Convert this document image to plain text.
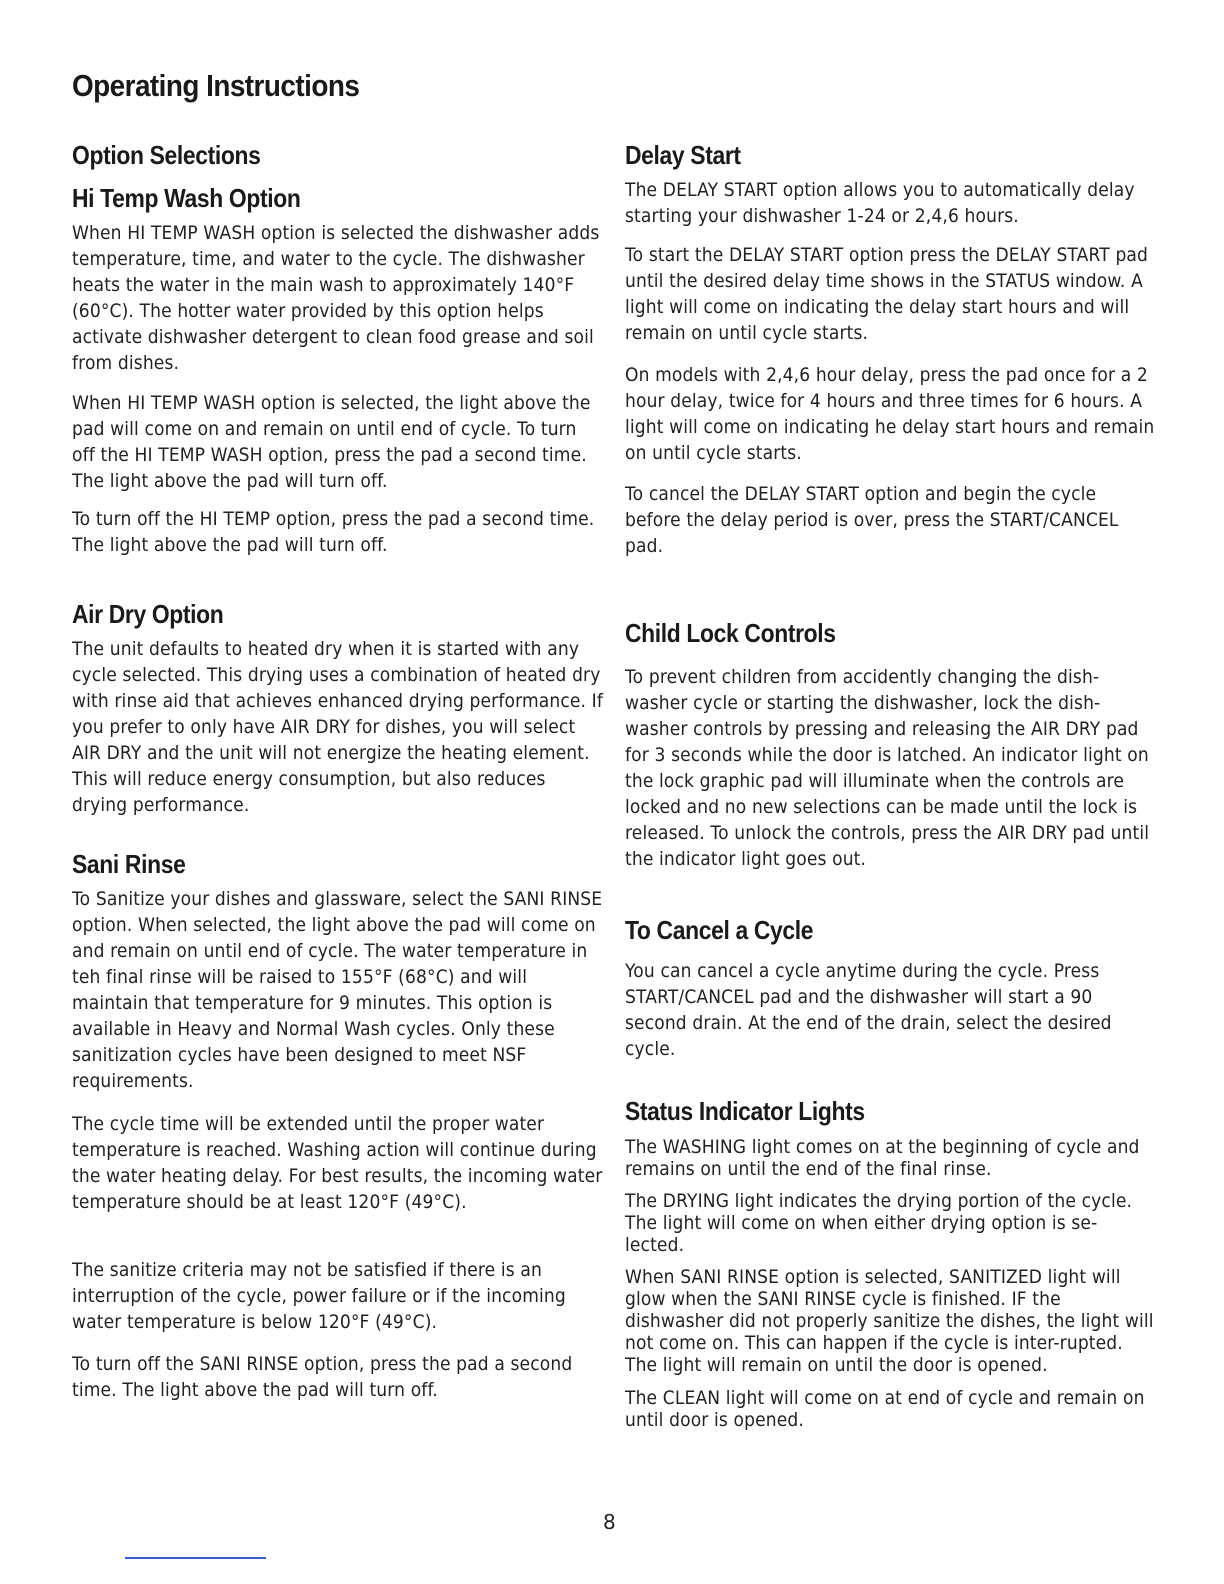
Operating Instructions
Option Selections
Hi Temp Wash Option

When HI TEMP WASH option is selected the dishwasher adds temperature, time, and water to the cycle. The dishwasher heats the water in the main wash to approximately 140°F (60°C). The hotter water provided by this option helps activate dishwasher detergent to clean food grease and soil from dishes.

When HI TEMP WASH option is selected, the light above the pad will come on and remain on until end of cycle. To turn off the HI TEMP WASH option, press the pad a second time. The light above the pad will turn off.

To turn off the HI TEMP option, press the pad a second time. The light above the pad will turn off.

Air Dry Option

The unit defaults to heated dry when it is started with any cycle selected. This drying uses a combination of heated dry with rinse aid that achieves enhanced drying performance. If you prefer to only have AIR DRY for dishes, you will select AIR DRY and the unit will not energize the heating element. This will reduce energy consumption, but also reduces drying performance.

Sani Rinse

To Sanitize your dishes and glassware, select the SANI RINSE option. When selected, the light above the pad will come on and remain on until end of cycle. The water temperature in teh final rinse will be raised to 155°F (68°C) and will maintain that temperature for 9 minutes. This option is available in Heavy and Normal Wash cycles. Only these sanitization cycles have been designed to meet NSF requirements.

The cycle time will be extended until the proper water temperature is reached. Washing action will continue during the water heating delay. For best results, the incoming water temperature should be at least 120°F (49°C).

The sanitize criteria may not be satisfied if there is an interruption of the cycle, power failure or if the incoming water temperature is below 120°F (49°C).

To turn off the SANI RINSE option, press the pad a second time. The light above the pad will turn off.

Delay Start

The DELAY START option allows you to automatically delay starting your dishwasher 1-24 or 2,4,6 hours.

To start the DELAY START option press the DELAY START pad until the desired delay time shows in the STATUS window. A light will come on indicating the delay start hours and will remain on until cycle starts.

On models with 2,4,6 hour delay, press the pad once for a 2 hour delay, twice for 4 hours and three times for 6 hours. A light will come on indicating he delay start hours and remain on until cycle starts.

To cancel the DELAY START option and begin the cycle before the delay period is over, press the START/CANCEL pad.

Child Lock Controls

To prevent children from accidently changing the dish-washer cycle or starting the dishwasher, lock the dish-washer controls by pressing and releasing the AIR DRY pad for 3 seconds while the door is latched. An indicator light on the lock graphic pad will illuminate when the controls are locked and no new selections can be made until the lock is released. To unlock the controls, press the AIR DRY pad until the indicator light goes out.

To Cancel a Cycle

You can cancel a cycle anytime during the cycle. Press START/CANCEL pad and the dishwasher will start a 90 second drain. At the end of the drain, select the desired cycle.

Status Indicator Lights

The WASHING light comes on at the beginning of cycle and remains on until the end of the final rinse.

The DRYING light indicates the drying portion of the cycle. The light will come on when either drying option is se-lected.

When SANI RINSE option is selected, SANITIZED light will glow when the SANI RINSE cycle is finished. IF the dishwasher did not properly sanitize the dishes, the light will not come on. This can happen if the cycle is inter-rupted. The light will remain on until the door is opened.

The CLEAN light will come on at end of cycle and remain on until door is opened.

8
